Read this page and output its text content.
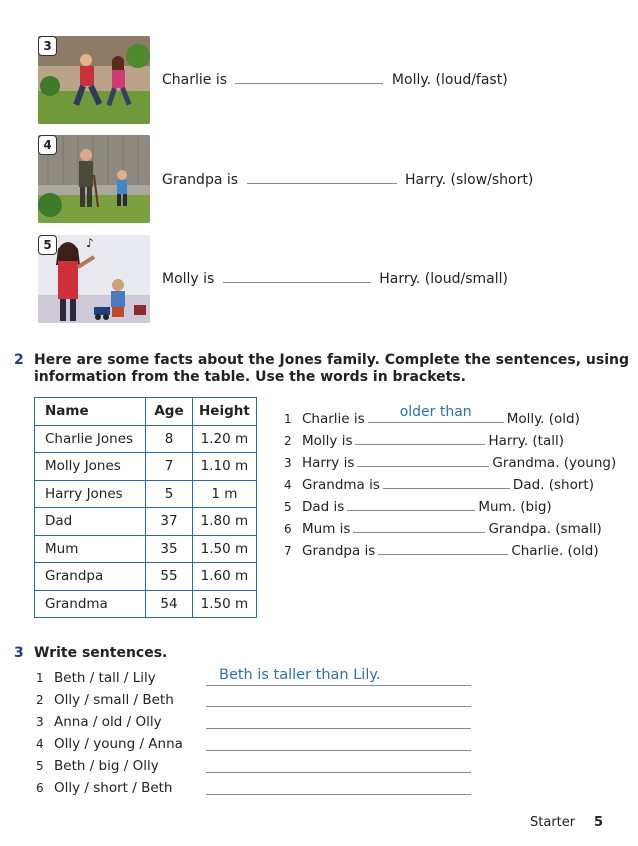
3
4
♪
5
Charlie is	Molly. (loud/fast)
Grandpa is	Harry. (slow/short)
Molly is	Harry. (loud/small)
2 Here are some facts about the Jones family. Complete the sentences, using
information from the table. Use the words in brackets.
Name	Age	Height
Charlie Jones	8	1.20 m
Molly Jones	7	1.10 m
Harry Jones	5	1 m
Dad	37	1.80 m
Mum	35	1.50 m
Grandpa	55	1.60 m
Grandma	54	1.50 m
1 Charlie is	older than	Molly. (old)
2 Molly is	Harry. (tall)
3 Harry is	Grandma. (young)
4 Grandma is	Dad. (short)
5 Dad is	Mum. (big)
6 Mum is	Grandpa. (small)
7 Grandpa is	Charlie. (old)
3 Write sentences.
1 Beth / tall / Lily	Beth is taller than Lily.
2 Olly / small / Beth
3 Anna / old / Olly
4 Olly / young / Anna
5 Beth / big / Olly
6 Olly / short / Beth
Starter 5
